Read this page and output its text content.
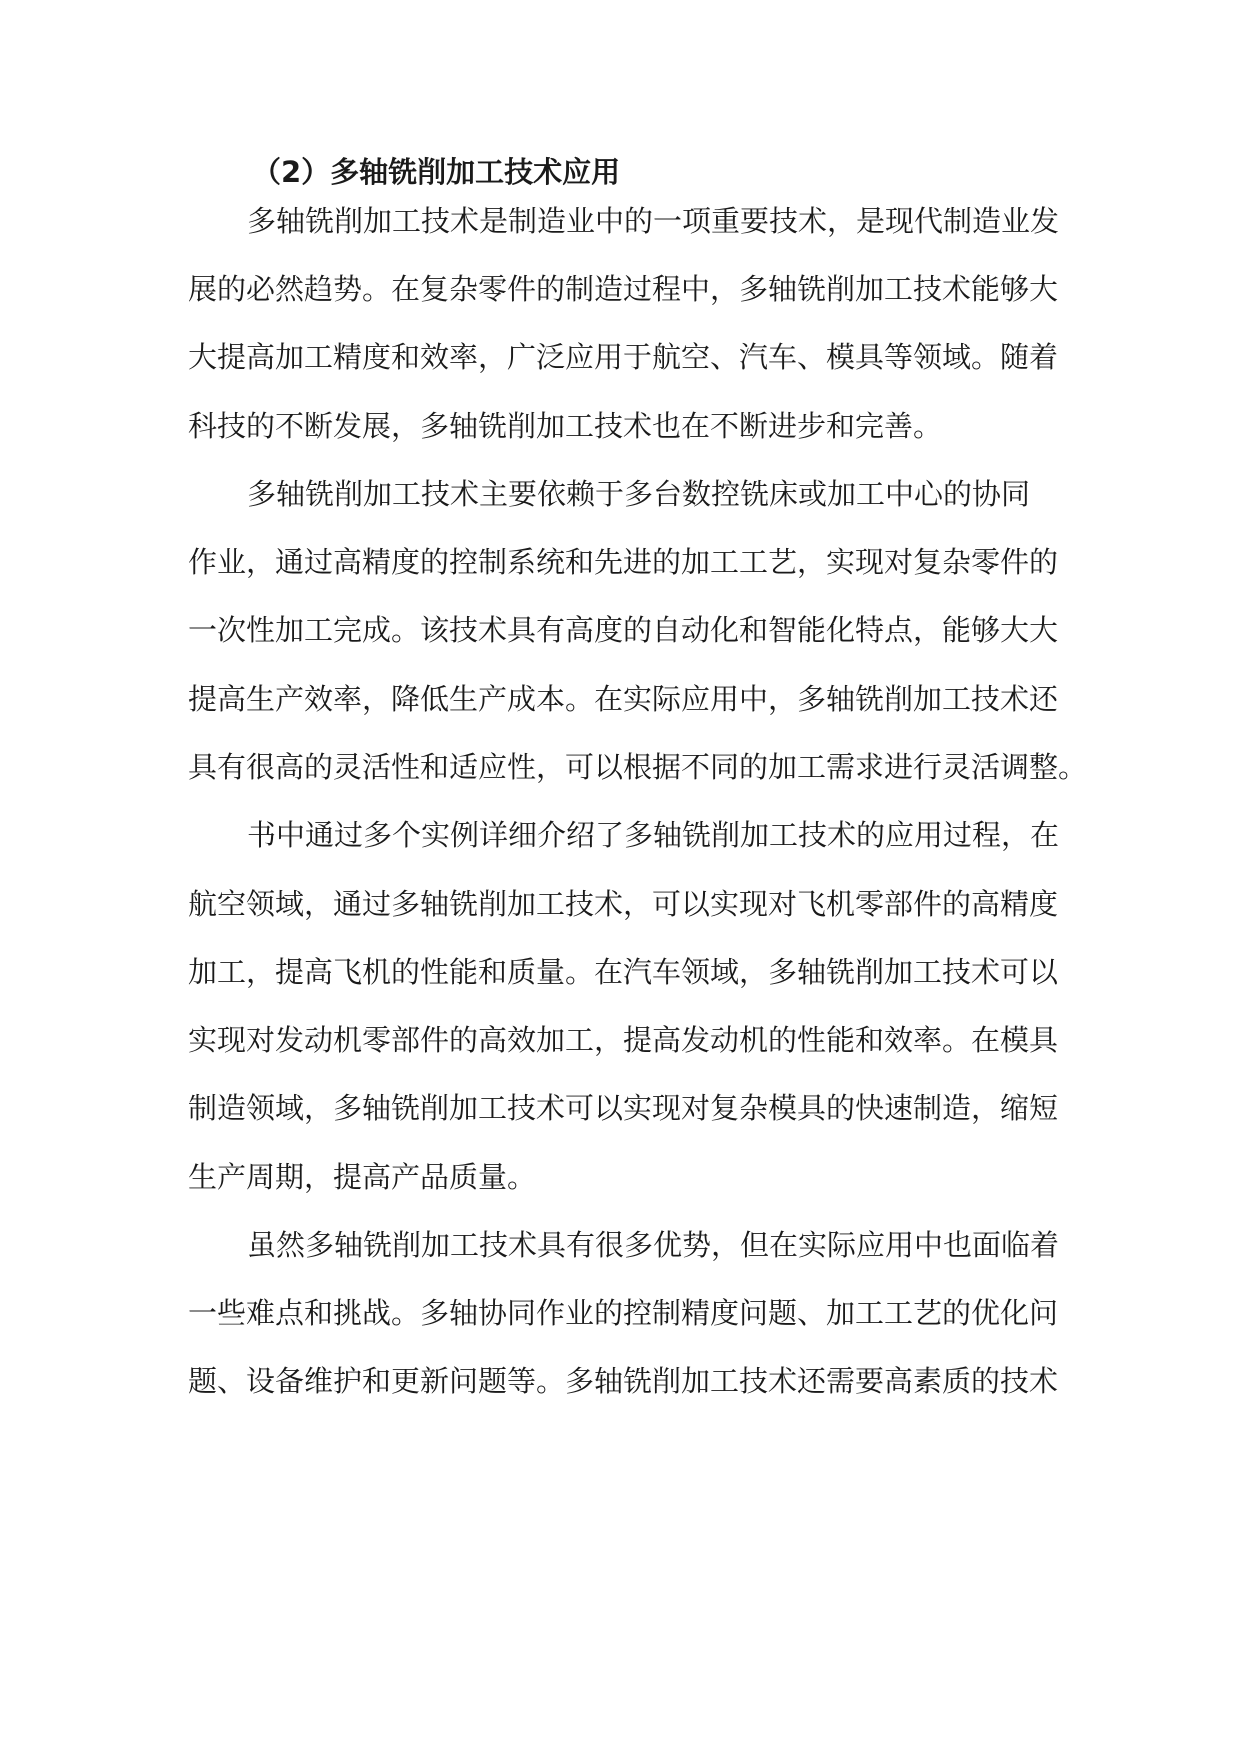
（2）多轴铣削加工技术应用
多轴铣削加工技术是制造业中的一项重要技术，是现代制造业发
展的必然趋势。在复杂零件的制造过程中，多轴铣削加工技术能够大
大提高加工精度和效率，广泛应用于航空、汽车、模具等领域。随着
科技的不断发展，多轴铣削加工技术也在不断进步和完善。
多轴铣削加工技术主要依赖于多台数控铣床或加工中心的协同
作业，通过高精度的控制系统和先进的加工工艺，实现对复杂零件的
一次性加工完成。该技术具有高度的自动化和智能化特点，能够大大
提高生产效率，降低生产成本。在实际应用中，多轴铣削加工技术还
具有很高的灵活性和适应性，可以根据不同的加工需求进行灵活调整。
书中通过多个实例详细介绍了多轴铣削加工技术的应用过程，在
航空领域，通过多轴铣削加工技术，可以实现对飞机零部件的高精度
加工，提高飞机的性能和质量。在汽车领域，多轴铣削加工技术可以
实现对发动机零部件的高效加工，提高发动机的性能和效率。在模具
制造领域，多轴铣削加工技术可以实现对复杂模具的快速制造，缩短
生产周期，提高产品质量。
虽然多轴铣削加工技术具有很多优势，但在实际应用中也面临着
一些难点和挑战。多轴协同作业的控制精度问题、加工工艺的优化问
题、设备维护和更新问题等。多轴铣削加工技术还需要高素质的技术
